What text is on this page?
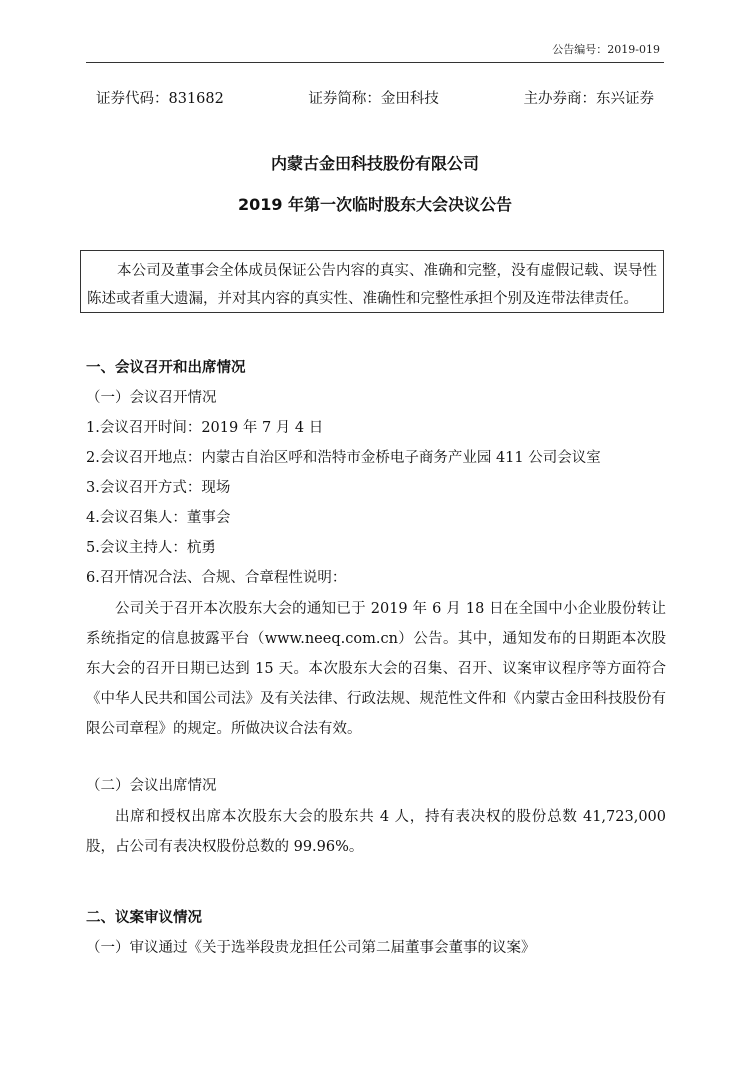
公告编号：2019-019
证券代码：831682	证券简称：金田科技	主办券商：东兴证券
内蒙古金田科技股份有限公司
2019 年第一次临时股东大会决议公告
本公司及董事会全体成员保证公告内容的真实、准确和完整，没有虚假记载、误导性陈述或者重大遗漏，并对其内容的真实性、准确性和完整性承担个别及连带法律责任。
一、会议召开和出席情况
（一）会议召开情况
1.会议召开时间：2019 年 7 月 4 日
2.会议召开地点：内蒙古自治区呼和浩特市金桥电子商务产业园 411 公司会议室
3.会议召开方式：现场
4.会议召集人：董事会
5.会议主持人：杭勇
6.召开情况合法、合规、合章程性说明：
公司关于召开本次股东大会的通知已于 2019 年 6 月 18 日在全国中小企业股份转让系统指定的信息披露平台（www.neeq.com.cn）公告。其中，通知发布的日期距本次股东大会的召开日期已达到 15 天。本次股东大会的召集、召开、议案审议程序等方面符合《中华人民共和国公司法》及有关法律、行政法规、规范性文件和《内蒙古金田科技股份有限公司章程》的规定。所做决议合法有效。
（二）会议出席情况
出席和授权出席本次股东大会的股东共 4 人，持有表决权的股份总数 41,723,000 股，占公司有表决权股份总数的 99.96%。
二、议案审议情况
（一）审议通过《关于选举段贵龙担任公司第二届董事会董事的议案》
